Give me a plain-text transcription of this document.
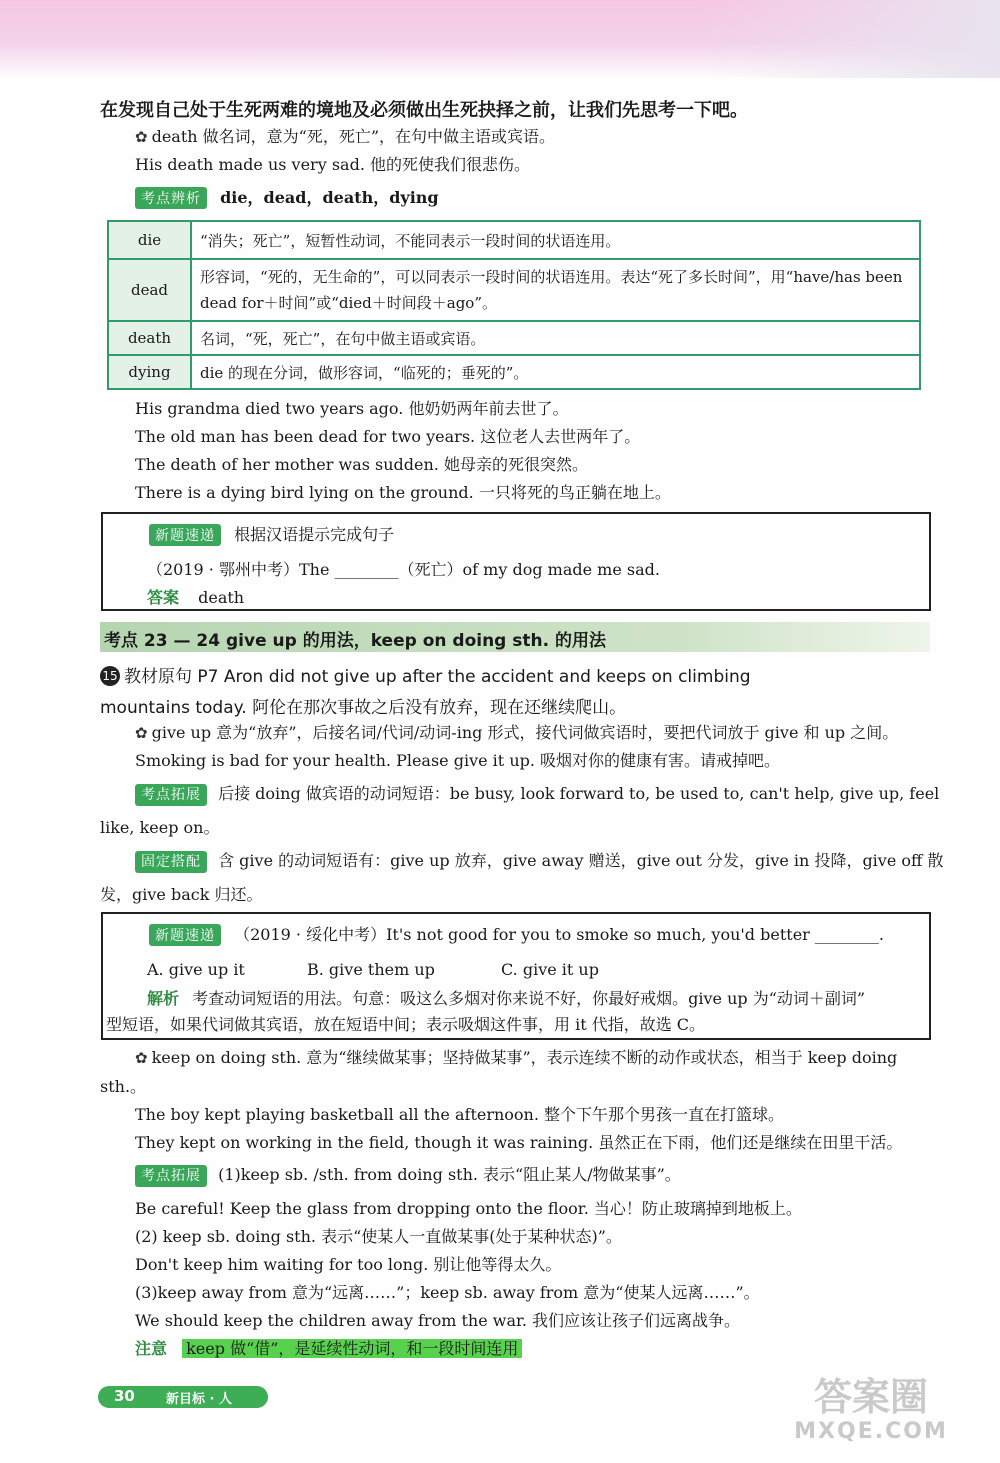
在发现自己处于生死两难的境地及必须做出生死抉择之前，让我们先思考一下吧。
✿ death 做名词，意为“死，死亡”，在句中做主语或宾语。
His death made us very sad. 他的死使我们很悲伤。
考点辨析 die，dead，death，dying
die	“消失；死亡”，短暂性动词，不能同表示一段时间的状语连用。
dead	形容词，“死的，无生命的”，可以同表示一段时间的状语连用。表达“死了多长时间”，用“have/has been dead for＋时间”或“died＋时间段＋ago”。
death	名词，“死，死亡”，在句中做主语或宾语。
dying	die 的现在分词，做形容词，“临死的；垂死的”。
His grandma died two years ago. 他奶奶两年前去世了。
The old man has been dead for two years. 这位老人去世两年了。
The death of her mother was sudden. 她母亲的死很突然。
There is a dying bird lying on the ground. 一只将死的鸟正躺在地上。
新题速递 根据汉语提示完成句子
（2019 · 鄂州中考）The ________（死亡）of my dog made me sad.
答案 death
考点 23 — 24 give up 的用法，keep on doing sth. 的用法
15 教材原句 P7 Aron did not give up after the accident and keeps on climbing
mountains today. 阿伦在那次事故之后没有放弃，现在还继续爬山。
✿ give up 意为“放弃”，后接名词/代词/动词-ing 形式，接代词做宾语时，要把代词放于 give 和 up 之间。
Smoking is bad for your health. Please give it up. 吸烟对你的健康有害。请戒掉吧。
考点拓展 后接 doing 做宾语的动词短语：be busy, look forward to, be used to, can't help, give up, feel
like, keep on。
固定搭配 含 give 的动词短语有：give up 放弃，give away 赠送，give out 分发，give in 投降，give off 散
发，give back 归还。
新题速递 （2019 · 绥化中考）It's not good for you to smoke so much, you'd better ________.
A. give up it	B. give them up	C. give it up
解析 考查动词短语的用法。句意：吸这么多烟对你来说不好，你最好戒烟。give up 为“动词＋副词”
型短语，如果代词做其宾语，放在短语中间；表示吸烟这件事，用 it 代指，故选 C。
✿ keep on doing sth. 意为“继续做某事；坚持做某事”，表示连续不断的动作或状态，相当于 keep doing
sth.。
The boy kept playing basketball all the afternoon. 整个下午那个男孩一直在打篮球。
They kept on working in the field, though it was raining. 虽然正在下雨，他们还是继续在田里干活。
考点拓展 (1)keep sb. /sth. from doing sth. 表示“阻止某人/物做某事”。
Be careful! Keep the glass from dropping onto the floor. 当心！防止玻璃掉到地板上。
(2) keep sb. doing sth. 表示“使某人一直做某事(处于某种状态)”。
Don't keep him waiting for too long. 别让他等得太久。
(3)keep away from 意为“远离……”；keep sb. away from 意为“使某人远离……”。
We should keep the children away from the war. 我们应该让孩子们远离战争。
注意 keep 做“借”，是延续性动词，和一段时间连用
30 新目标 · 人	答案圈
MXQE.COM
